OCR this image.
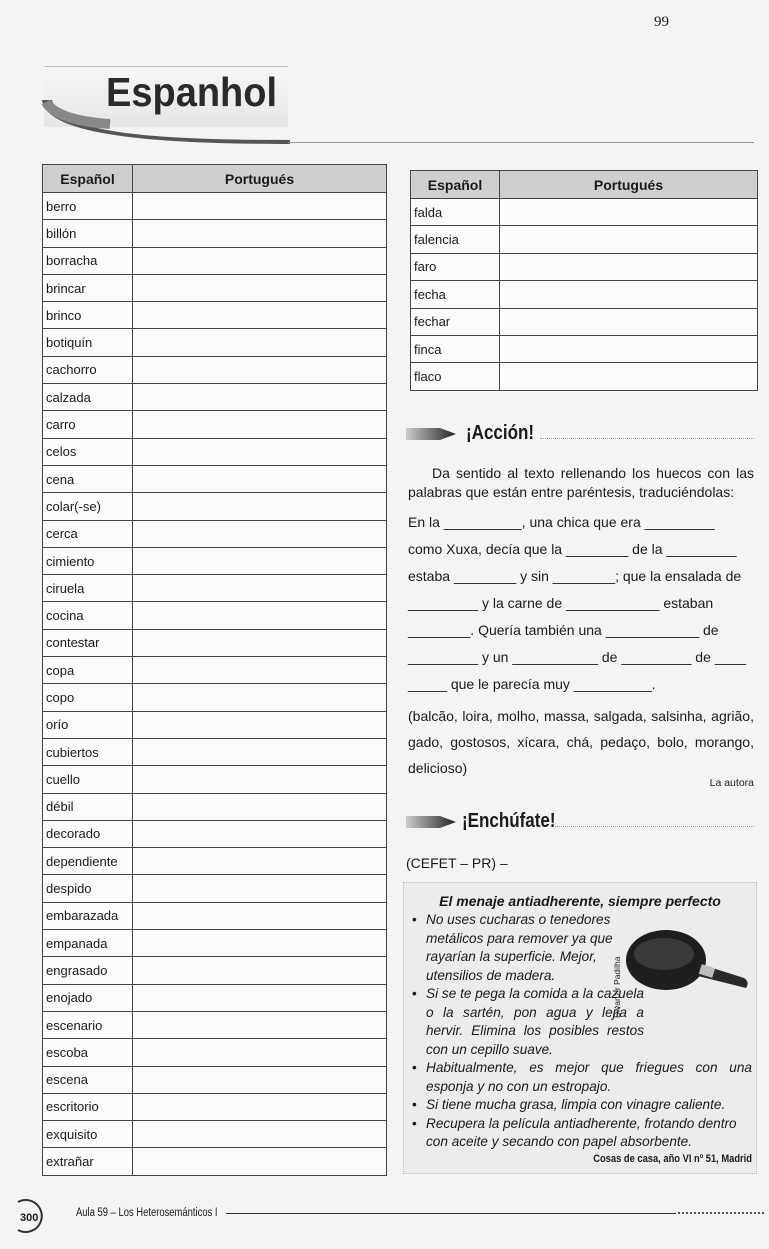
99
Espanhol
Español	Portugués
berro	
billón	
borracha	
brincar	
brinco	
botiquín	
cachorro	
calzada	
carro	
celos	
cena	
colar(-se)	
cerca	
cimiento	
ciruela	
cocina	
contestar	
copa	
copo	
orío	
cubiertos	
cuello	
débil	
decorado	
dependiente	
despido	
embarazada	
empanada	
engrasado	
enojado	
escenario	
escoba	
escena	
escritorio	
exquisito	
extrañar	
Español	Portugués
falda	
falencia	
faro	
fecha	
fechar	
finca	
flaco	
¡Acción!
Da sentido al texto rellenando los huecos con las palabras que están entre paréntesis, traduciéndolas:
En la __________, una chica que era _________
como Xuxa, decía que la ________ de la _________
estaba ________ y sin ________; que la ensalada de
_________ y la carne de ____________ estaban
________. Quería también una ____________ de
_________ y un ___________ de _________ de ____
_____ que le parecía muy __________.
(balcão, loira, molho, massa, salgada, salsinha, agrião, gado, gostosos, xícara, chá, pedaço, bolo, morango, delicioso)
La autora
¡Enchúfate!
(CEFET – PR) –
El menaje antiadherente, siempre perfecto
Divanzir Padilha
• No uses cucharas o tenedores metálicos para remover ya que rayarían la superficie. Mejor, utensilios de madera.
• Si se te pega la comida a la cazuela o la sartén, pon agua y lejía a hervir. Elimina los posibles restos con un cepillo suave.
• Habitualmente, es mejor que friegues con una esponja y no con un estropajo.
• Si tiene mucha grasa, limpia con vinagre caliente.
• Recupera la película antiadherente, frotando dentro con aceite y secando con papel absorbente.
Cosas de casa, año VI nº 51, Madrid
300	Aula 59 – Los Heterosemánticos I
